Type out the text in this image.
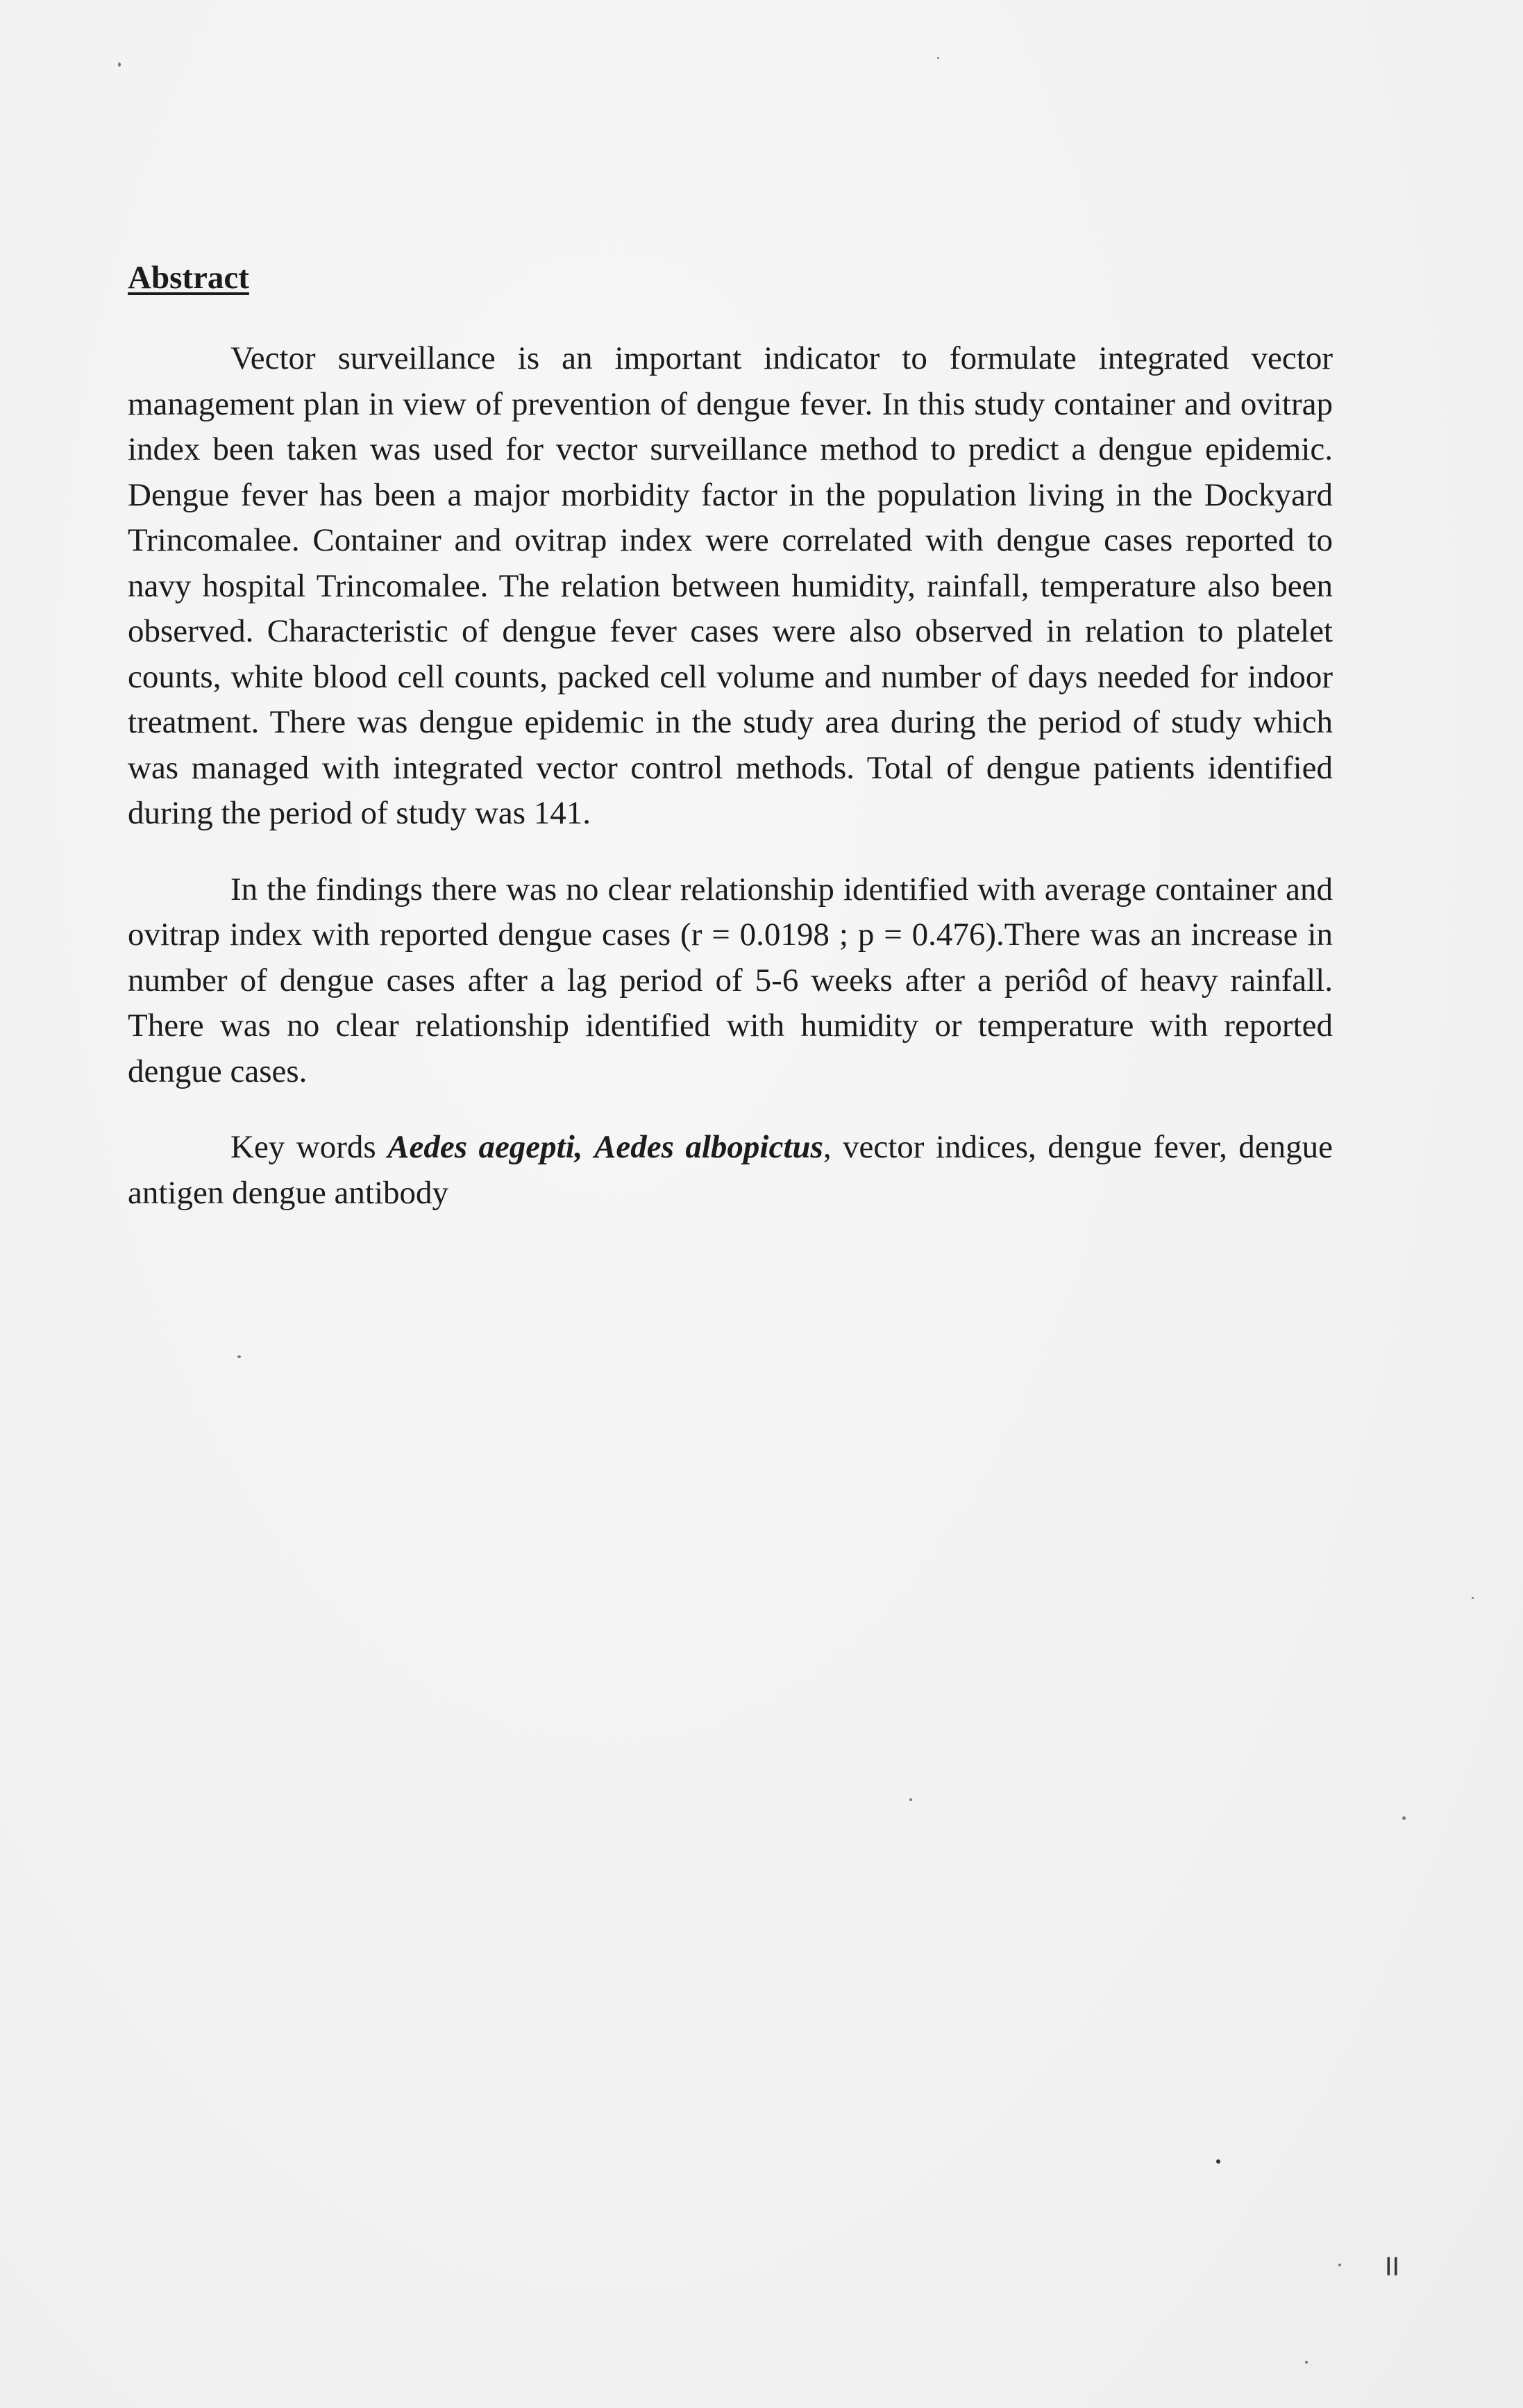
Abstract

Vector surveillance is an important indicator to formulate integrated vector management plan in view of prevention of dengue fever. In this study container and ovitrap index been taken was used for vector surveillance method to predict a dengue epidemic. Dengue fever has been a major morbidity factor in the population living in the Dockyard Trincomalee. Container and ovitrap index were correlated with dengue cases reported to navy hospital Trincomalee. The relation between humidity, rainfall, temperature also been observed. Characteristic of dengue fever cases were also observed in relation to platelet counts, white blood cell counts, packed cell volume and number of days needed for indoor treatment. There was dengue epidemic in the study area during the period of study which was managed with integrated vector control methods. Total of dengue patients identified during the period of study was 141.

In the findings there was no clear relationship identified with average container and ovitrap index with reported dengue cases (r = 0.0198 ; p = 0.476).There was an increase in number of dengue cases after a lag period of 5-6 weeks after a periôd of heavy rainfall. There was no clear relationship identified with humidity or temperature with reported dengue cases.

Key words Aedes aegepti, Aedes albopictus, vector indices, dengue fever, dengue antigen dengue antibody

II
